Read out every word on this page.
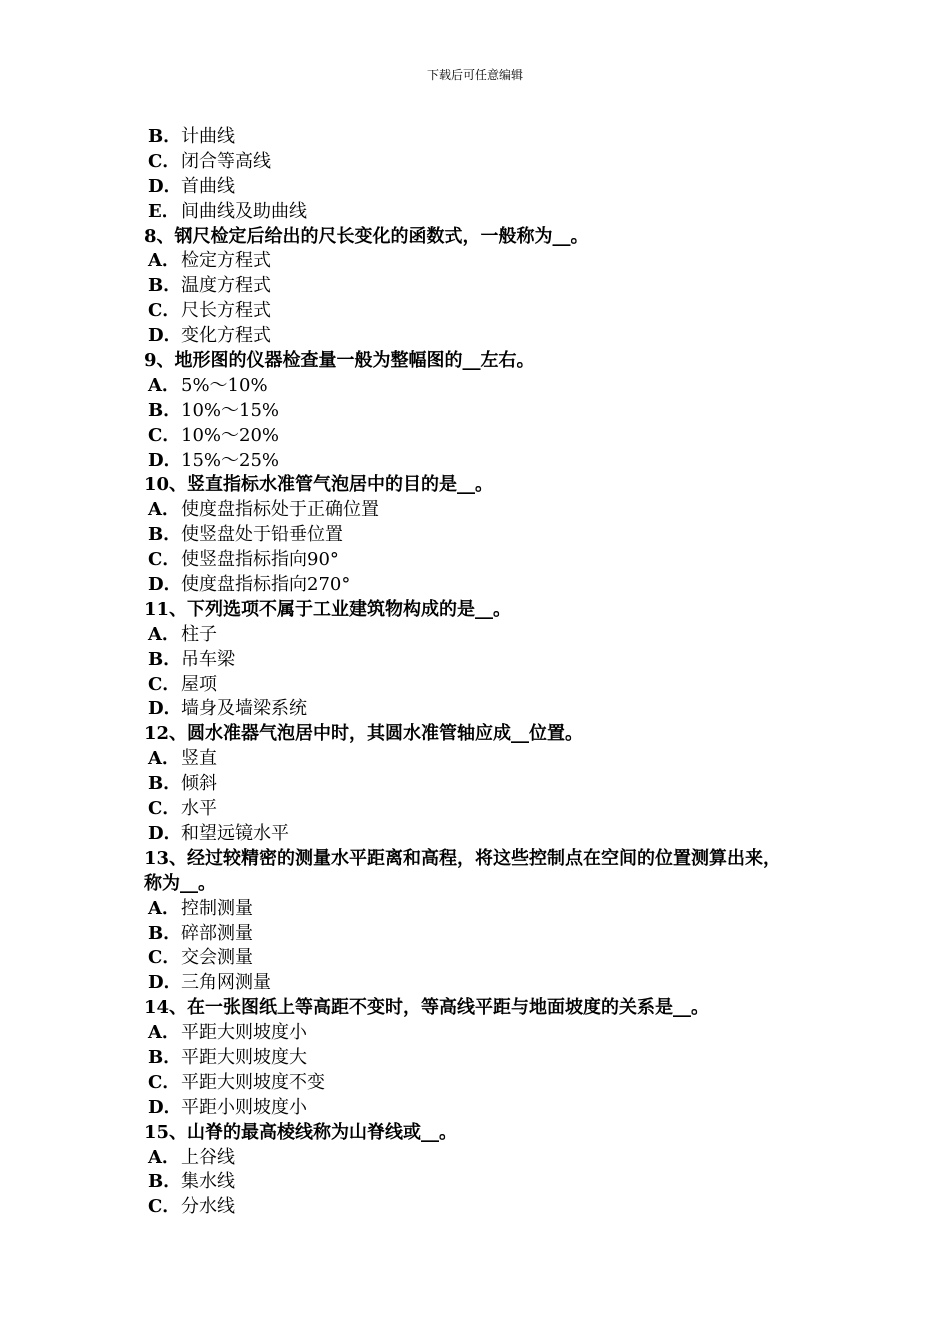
下载后可任意编辑
B．计曲线
C．闭合等高线
D．首曲线
E．间曲线及助曲线
8、钢尺检定后给出的尺长变化的函数式，一般称为__。
A．检定方程式
B．温度方程式
C．尺长方程式
D．变化方程式
9、地形图的仪器检查量一般为整幅图的__左右。
A．5%～10%
B．10%～15%
C．10%～20%
D．15%～25%
10、竖直指标水准管气泡居中的目的是__。
A．使度盘指标处于正确位置
B．使竖盘处于铅垂位置
C．使竖盘指标指向90°
D．使度盘指标指向270°
11、下列选项不属于工业建筑物构成的是__。
A．柱子
B．吊车梁
C．屋项
D．墙身及墙梁系统
12、圆水准器气泡居中时，其圆水准管轴应成__位置。
A．竖直
B．倾斜
C．水平
D．和望远镜水平
13、经过较精密的测量水平距离和高程，将这些控制点在空间的位置测算出来，
称为__。
A．控制测量
B．碎部测量
C．交会测量
D．三角网测量
14、在一张图纸上等高距不变时，等高线平距与地面坡度的关系是__。
A．平距大则坡度小
B．平距大则坡度大
C．平距大则坡度不变
D．平距小则坡度小
15、山脊的最高棱线称为山脊线或__。
A．上谷线
B．集水线
C．分水线
